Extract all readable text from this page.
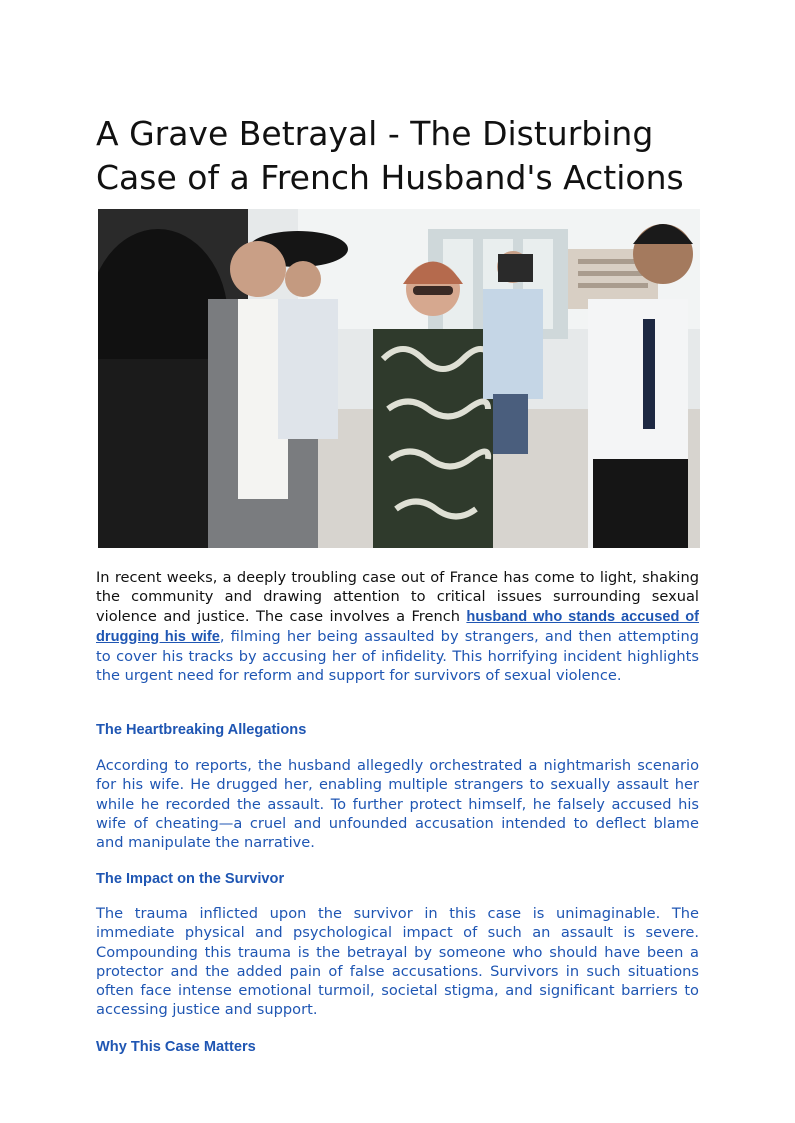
A Grave Betrayal - The Disturbing Case of a French Husband's Actions

In recent weeks, a deeply troubling case out of France has come to light, shaking the community and drawing attention to critical issues surrounding sexual violence and justice. The case involves a French husband who stands accused of drugging his wife, filming her being assaulted by strangers, and then attempting to cover his tracks by accusing her of infidelity. This horrifying incident highlights the urgent need for reform and support for survivors of sexual violence.

The Heartbreaking Allegations

According to reports, the husband allegedly orchestrated a nightmarish scenario for his wife. He drugged her, enabling multiple strangers to sexually assault her while he recorded the assault. To further protect himself, he falsely accused his wife of cheating—a cruel and unfounded accusation intended to deflect blame and manipulate the narrative.

The Impact on the Survivor

The trauma inflicted upon the survivor in this case is unimaginable. The immediate physical and psychological impact of such an assault is severe. Compounding this trauma is the betrayal by someone who should have been a protector and the added pain of false accusations. Survivors in such situations often face intense emotional turmoil, societal stigma, and significant barriers to accessing justice and support.

Why This Case Matters
